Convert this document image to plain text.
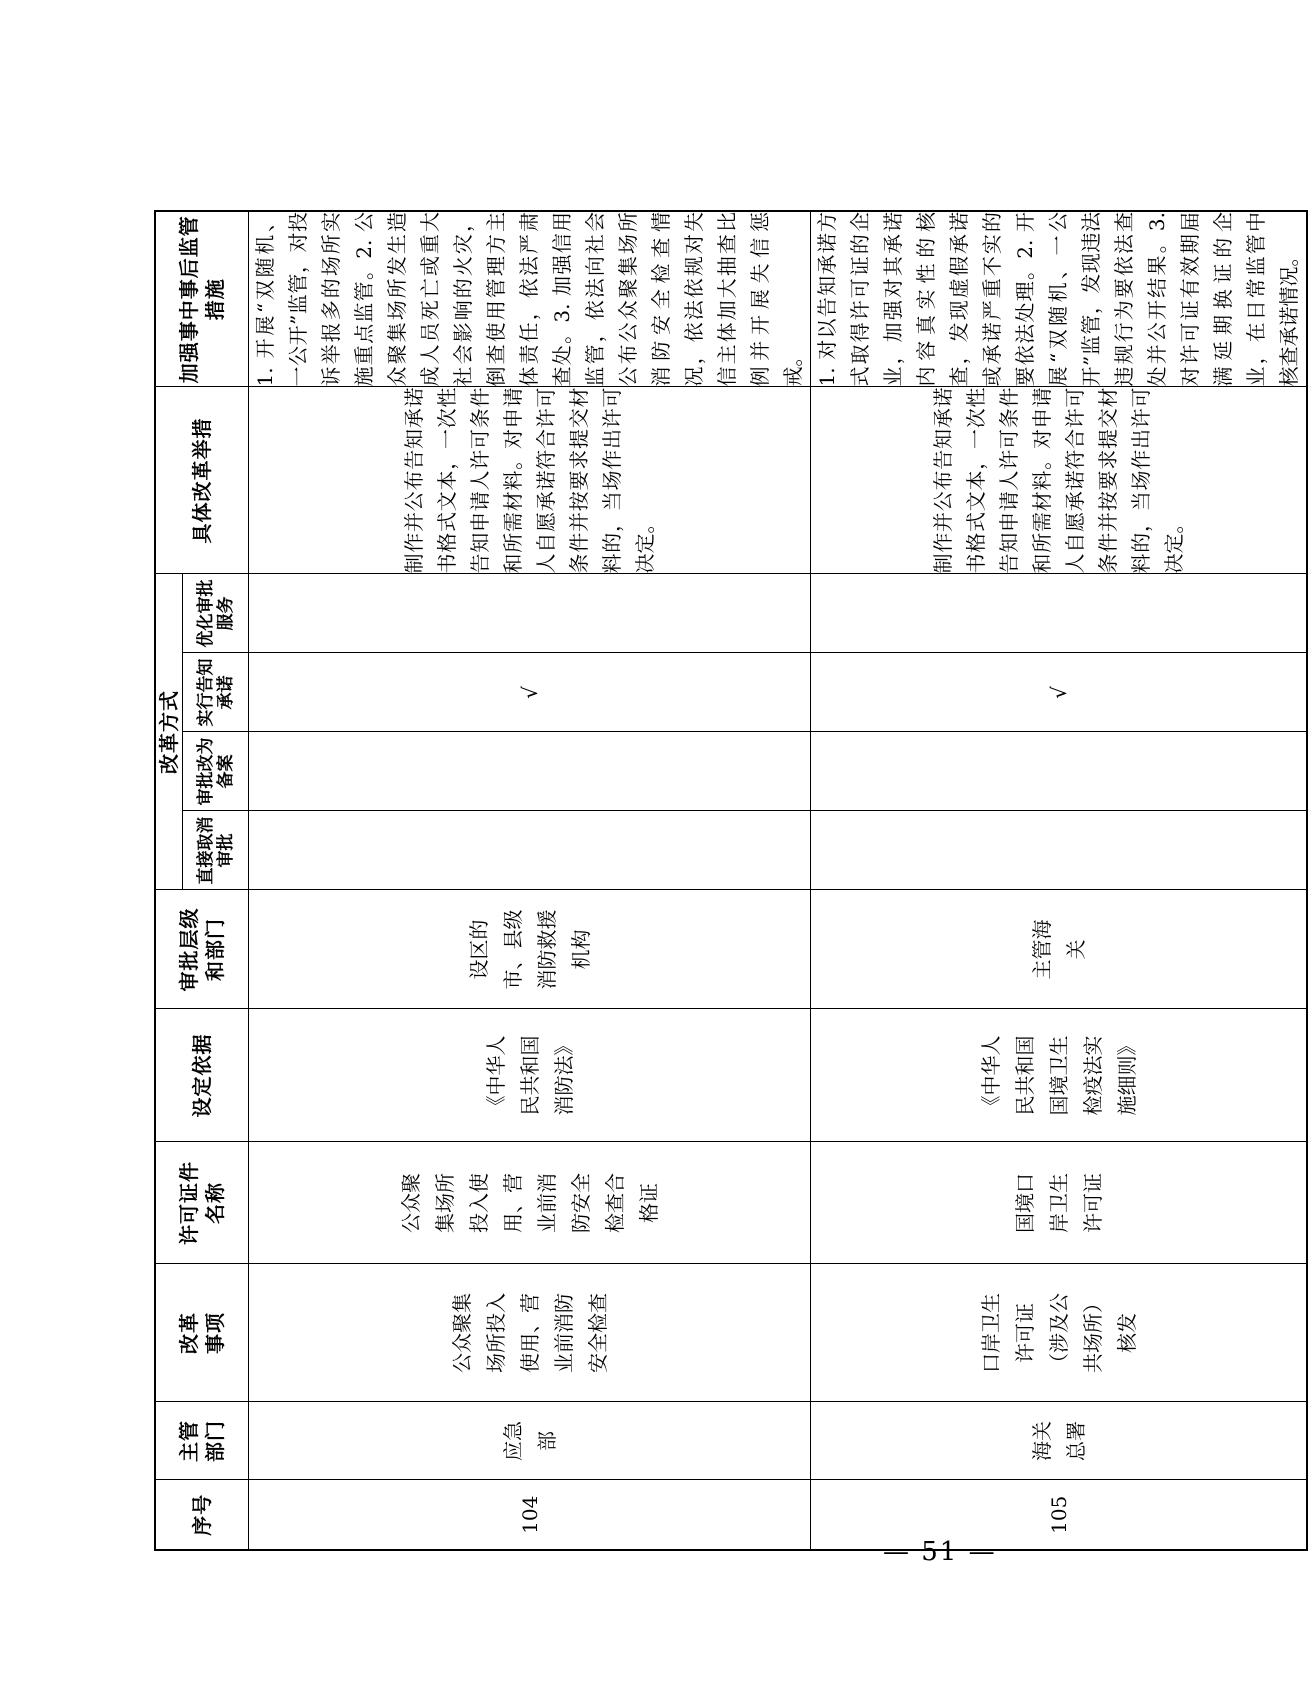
序号	主管部门	改革事项	许可证件名称	设定依据	审批层级和部门	改革方式				具体改革举措	加强事中事后监管措施

						直接取消审批	审批改为备案	实行告知承诺	优化审批服务		

104	应急部	公众聚集场所投入使用、营业前消防安全检查	公众聚集场所投入使用、营业前消防安全检查合格证	《中华人民共和国消防法》	设区的市、县级消防救援机构			√		制作并公布告知承诺书格式文本，一次性告知申请人许可条件和所需材料。对申请人自愿承诺符合许可条件并按要求提交材料的，当场作出许可决定。	1. 开展“双随机、一公开”监管，对投诉举报多的场所实施重点监管。2. 公众聚集场所发生造成人员死亡或重大社会影响的火灾，倒查使用管理方主体责任，依法严肃查处。3. 加强信用监管，依法向社会公布公众聚集场所消防安全检查情况，依法依规对失信主体加大抽查比例并开展失信惩戒。
105	海关总署	口岸卫生许可证（涉及公共场所）核发	国境口岸卫生许可证	《中华人民共和国国境卫生检疫法实施细则》	主管海关			√		制作并公布告知承诺书格式文本，一次性告知申请人许可条件和所需材料。对申请人自愿承诺符合许可条件并按要求提交材料的，当场作出许可决定。	1. 对以告知承诺方式取得许可证的企业，加强对其承诺内容真实性的核查，发现虚假承诺或承诺严重不实的要依法处理。2. 开展“双随机、一公开”监管，发现违法违规行为要依法查处并公开结果。3. 对许可证有效期届满延期换证的企业，在日常监管中核查承诺情况。
— 51 —
